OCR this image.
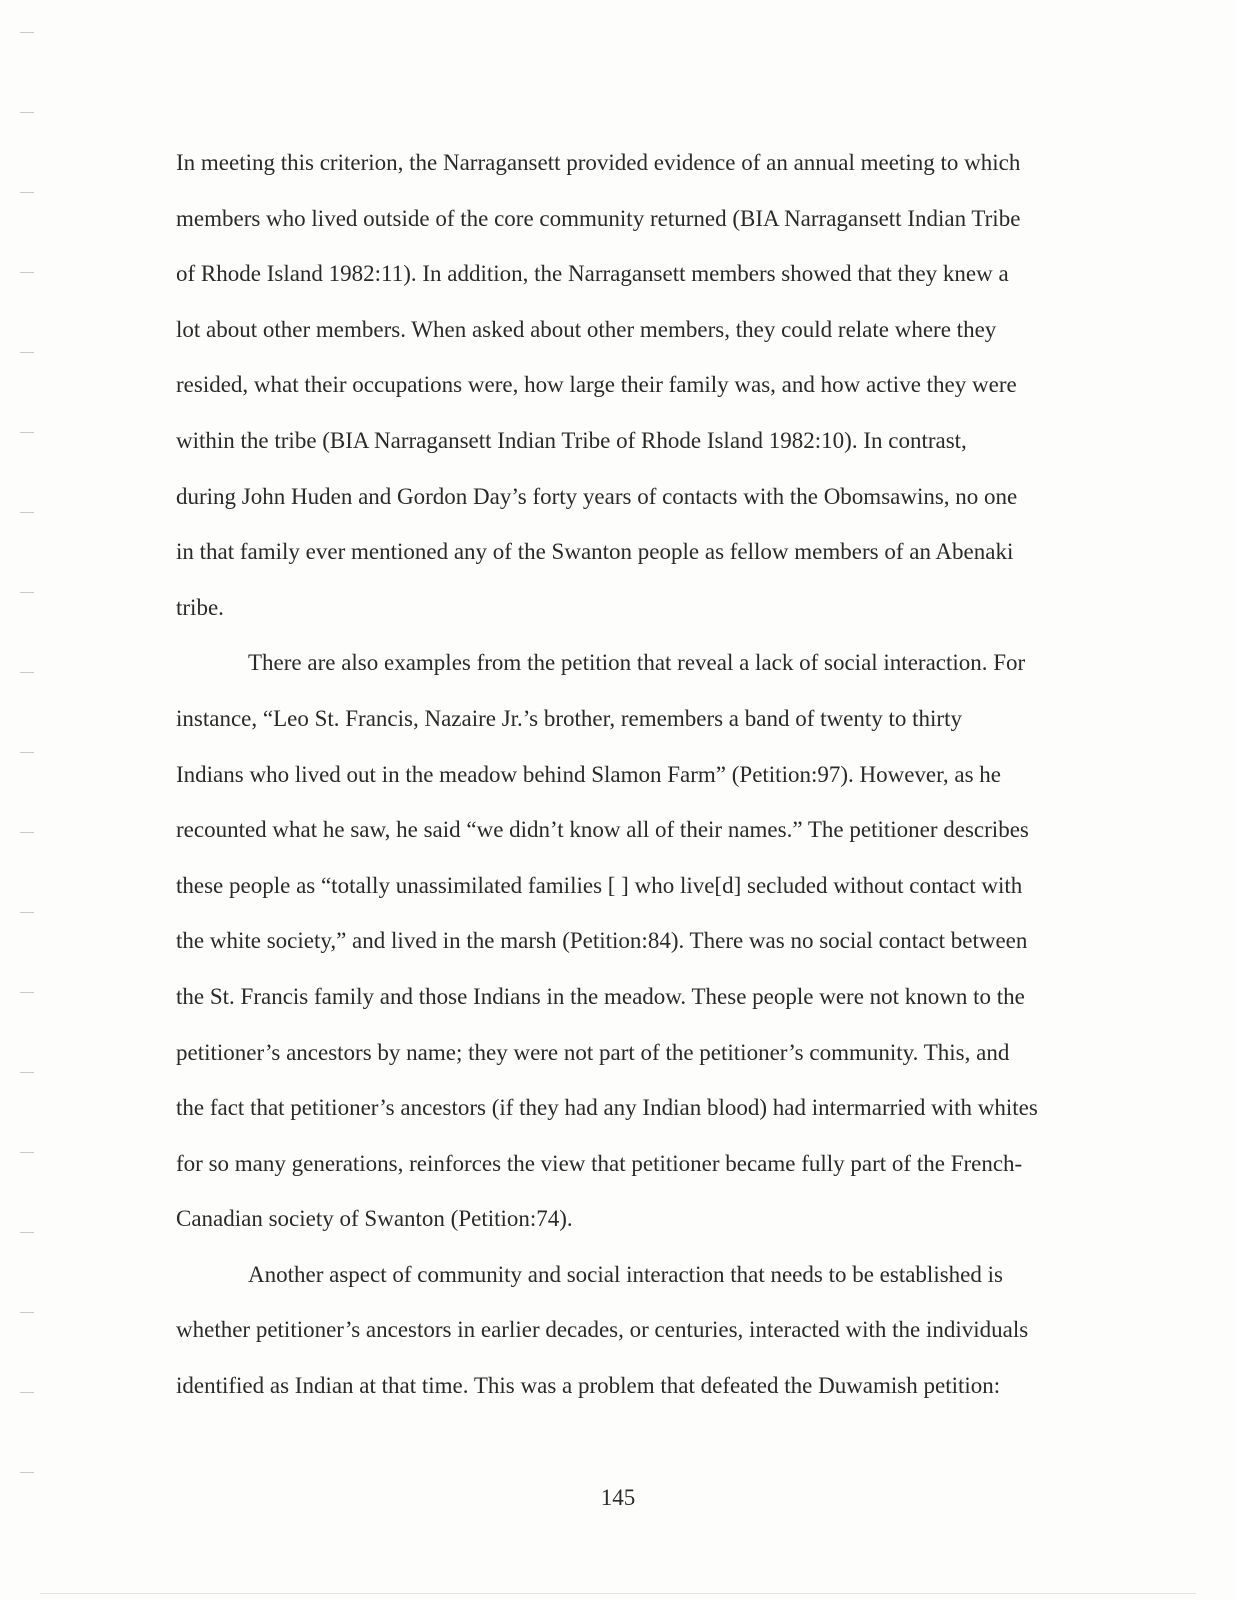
In meeting this criterion, the Narragansett provided evidence of an annual meeting to which
members who lived outside of the core community returned (BIA Narragansett Indian Tribe
of Rhode Island 1982:11). In addition, the Narragansett members showed that they knew a
lot about other members. When asked about other members, they could relate where they
resided, what their occupations were, how large their family was, and how active they were
within the tribe (BIA Narragansett Indian Tribe of Rhode Island 1982:10). In contrast,
during John Huden and Gordon Day’s forty years of contacts with the Obomsawins, no one
in that family ever mentioned any of the Swanton people as fellow members of an Abenaki
tribe.
There are also examples from the petition that reveal a lack of social interaction. For
instance, “Leo St. Francis, Nazaire Jr.’s brother, remembers a band of twenty to thirty
Indians who lived out in the meadow behind Slamon Farm” (Petition:97). However, as he
recounted what he saw, he said “we didn’t know all of their names.” The petitioner describes
these people as “totally unassimilated families [ ] who live[d] secluded without contact with
the white society,” and lived in the marsh (Petition:84). There was no social contact between
the St. Francis family and those Indians in the meadow. These people were not known to the
petitioner’s ancestors by name; they were not part of the petitioner’s community. This, and
the fact that petitioner’s ancestors (if they had any Indian blood) had intermarried with whites
for so many generations, reinforces the view that petitioner became fully part of the French-
Canadian society of Swanton (Petition:74).
Another aspect of community and social interaction that needs to be established is
whether petitioner’s ancestors in earlier decades, or centuries, interacted with the individuals
identified as Indian at that time. This was a problem that defeated the Duwamish petition:
145
